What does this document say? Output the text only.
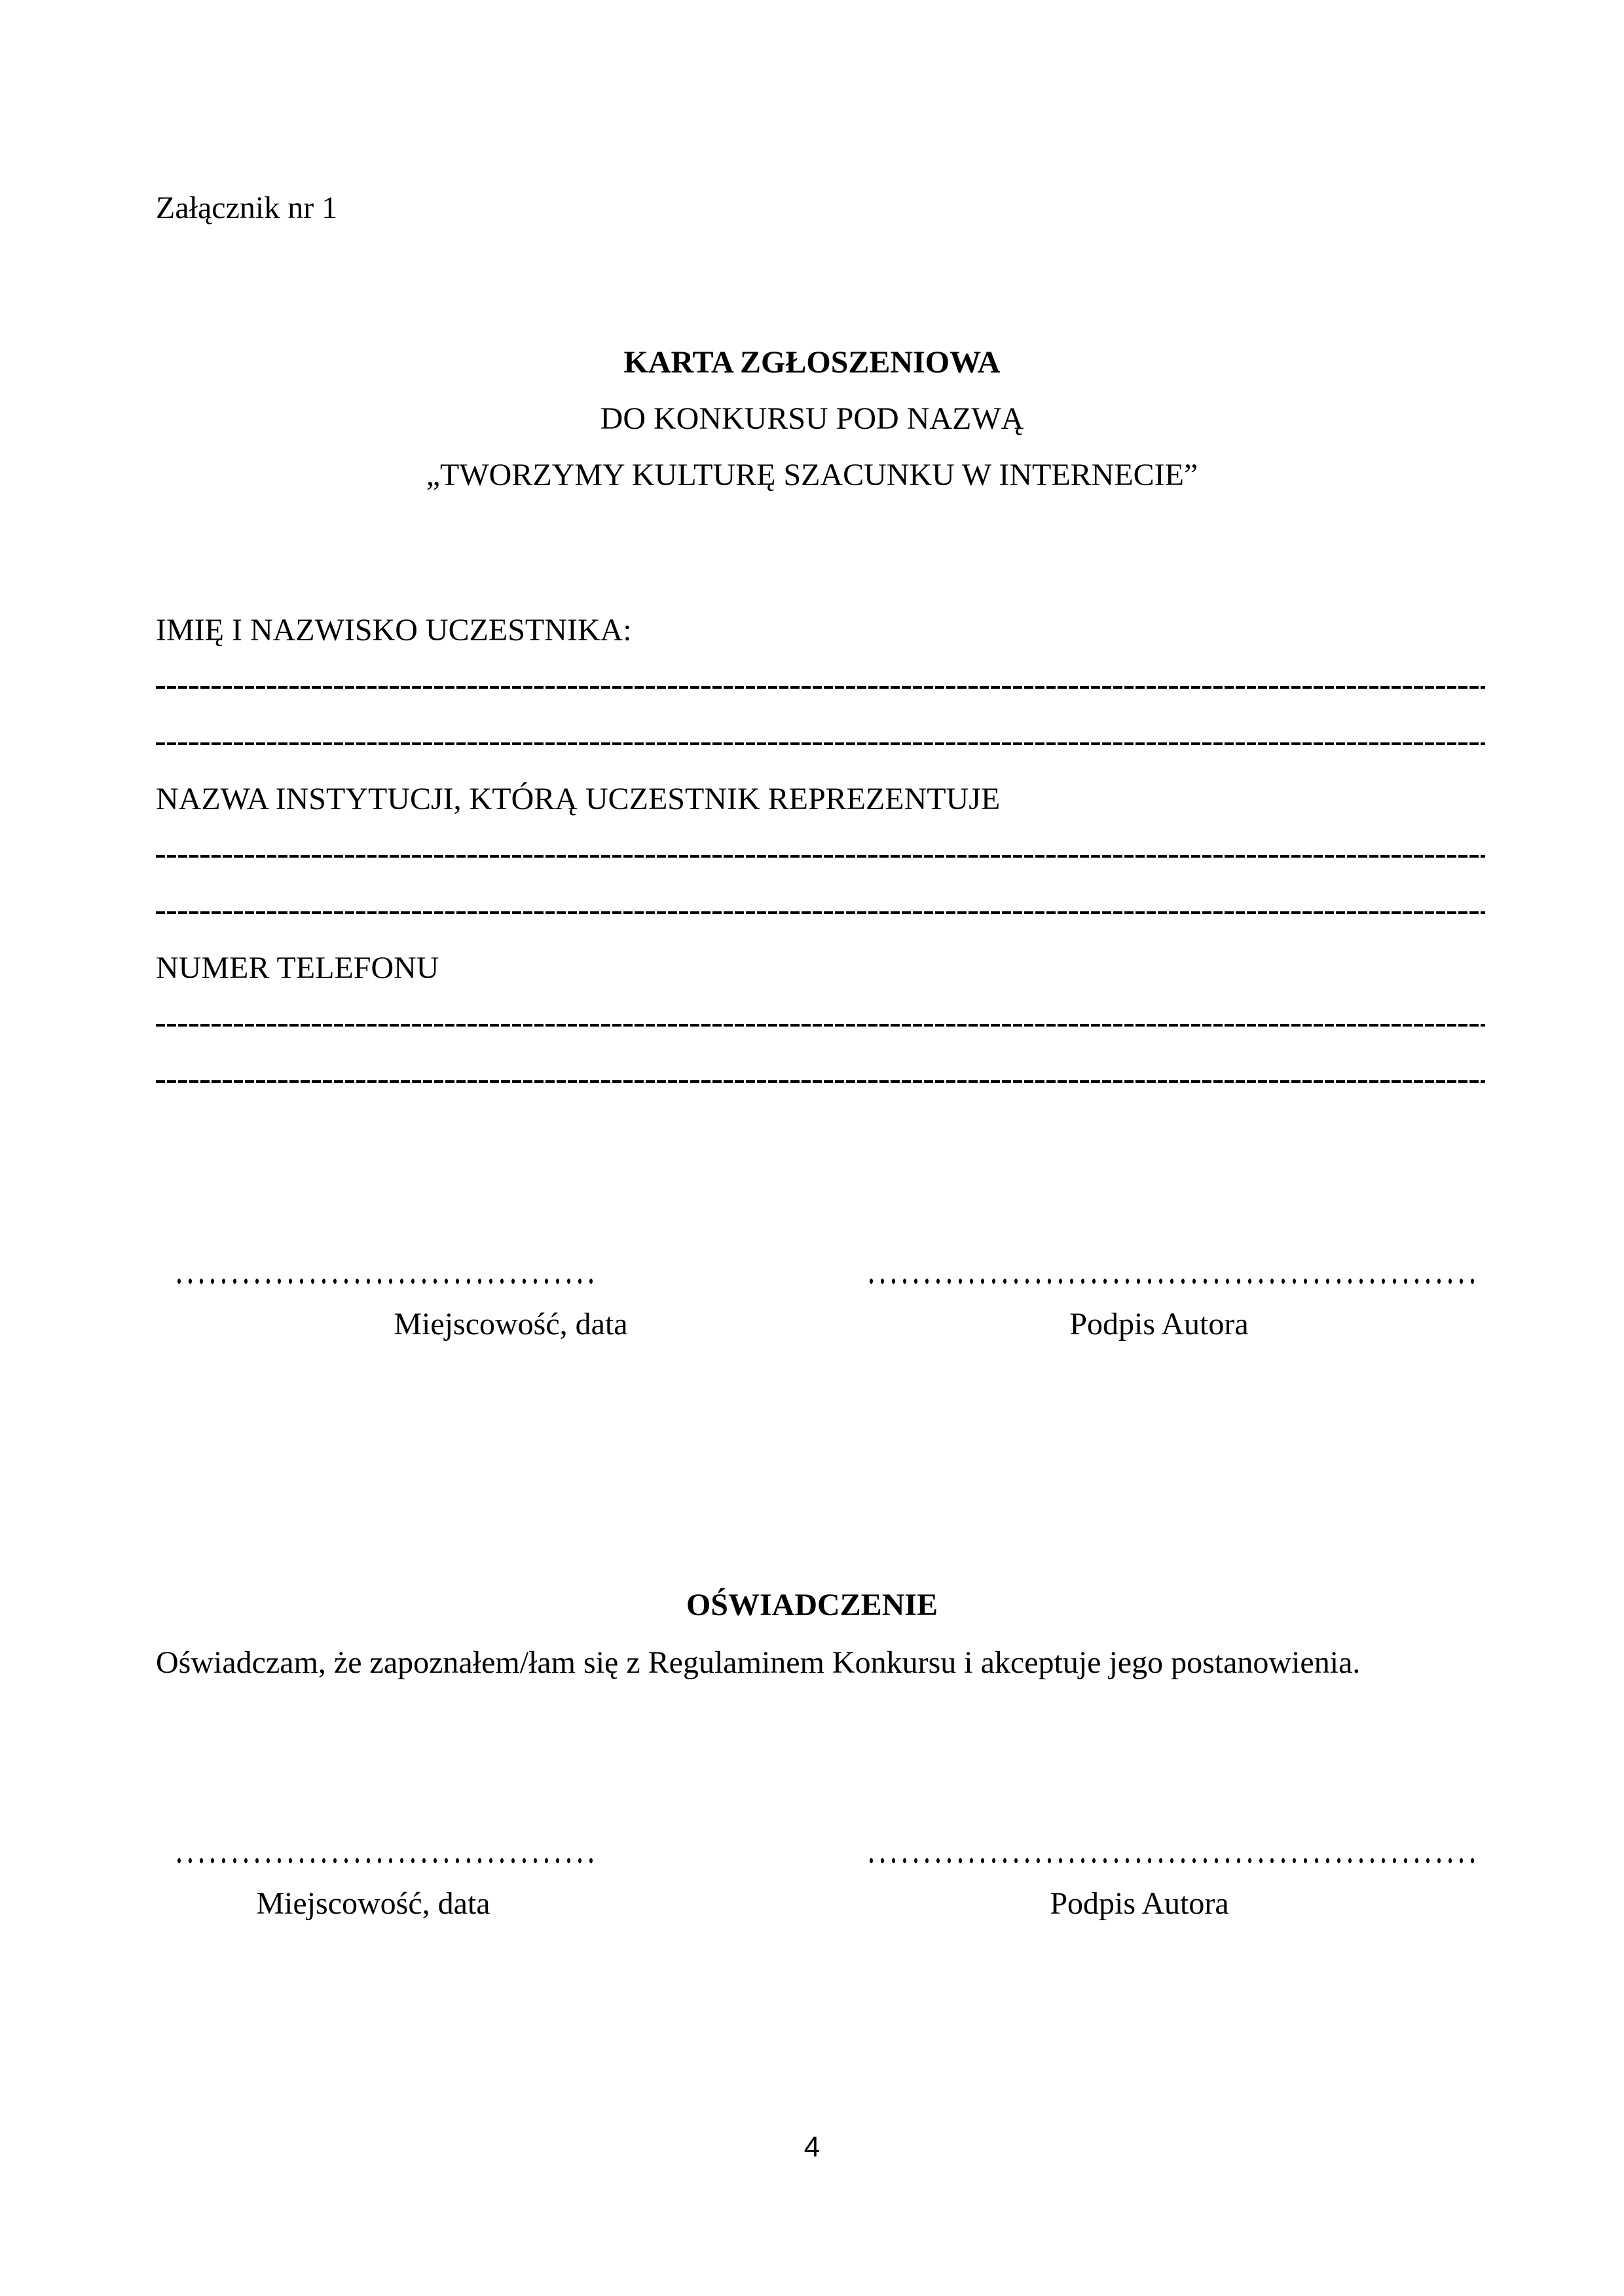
Załącznik nr 1
KARTA ZGŁOSZENIOWA
DO KONKURSU POD NAZWĄ
„TWORZYMY KULTURĘ SZACUNKU W INTERNECIE”
IMIĘ I NAZWISKO UCZESTNIKA:
NAZWA INSTYTUCJI, KTÓRĄ UCZESTNIK REPREZENTUJE
NUMER TELEFONU
Miejscowość, data	Podpis Autora
OŚWIADCZENIE
Oświadczam, że zapoznałem/łam się z Regulaminem Konkursu i akceptuje jego postanowienia.
Miejscowość, data	Podpis Autora
4
